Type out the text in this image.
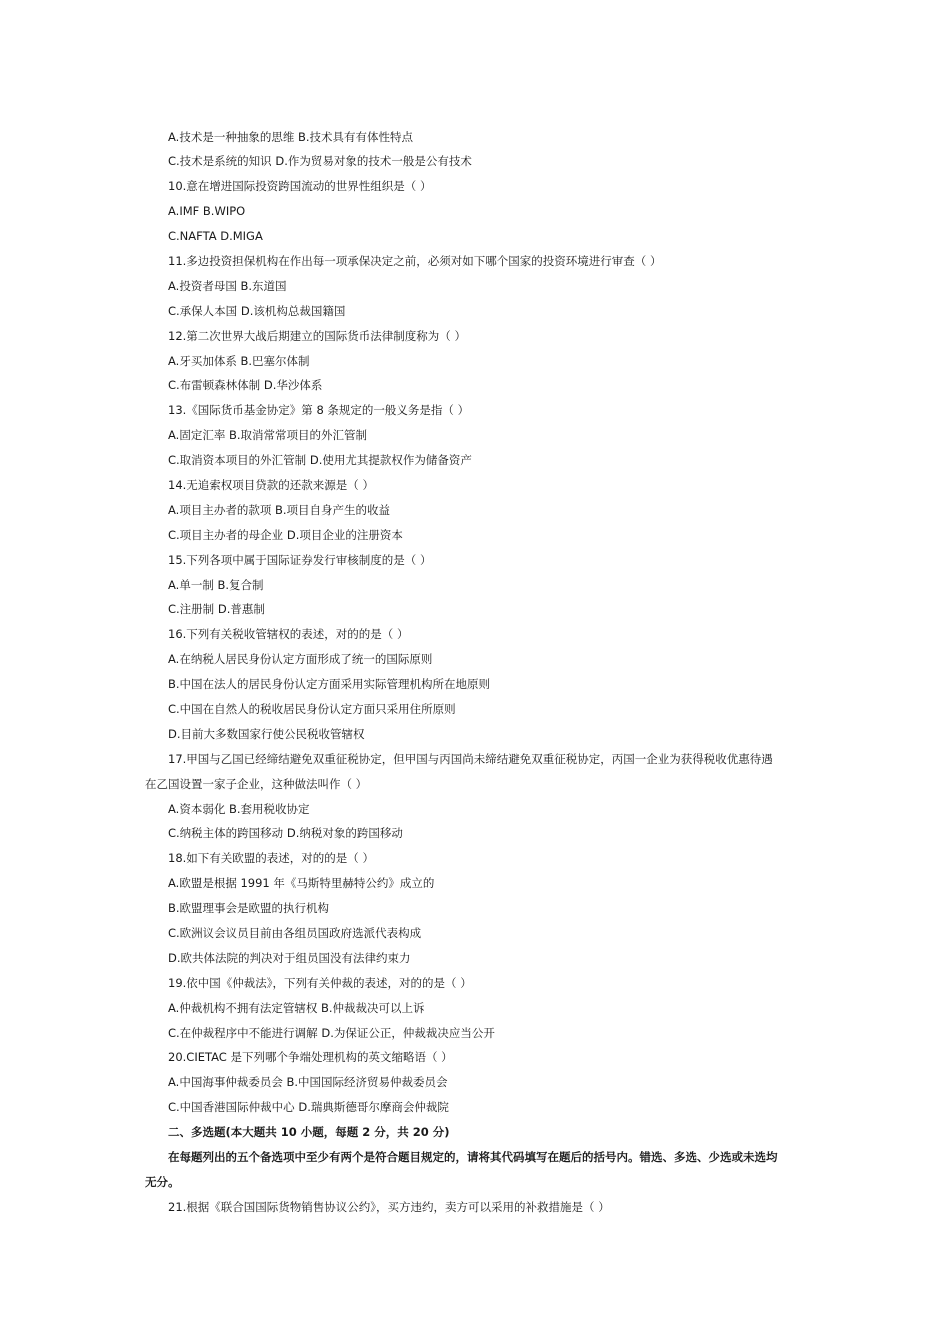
A.技术是一种抽象的思维 B.技术具有有体性特点
C.技术是系统的知识 D.作为贸易对象的技术一般是公有技术
10.意在增进国际投资跨国流动的世界性组织是（ ）
A.IMF B.WIPO
C.NAFTA D.MIGA
11.多边投资担保机构在作出每一项承保决定之前，必须对如下哪个国家的投资环境进行审查（ ）
A.投资者母国 B.东道国
C.承保人本国 D.该机构总裁国籍国
12.第二次世界大战后期建立的国际货币法律制度称为（ ）
A.牙买加体系 B.巴塞尔体制
C.布雷顿森林体制 D.华沙体系
13.《国际货币基金协定》第 8 条规定的一般义务是指（ ）
A.固定汇率 B.取消常常项目的外汇管制
C.取消资本项目的外汇管制 D.使用尤其提款权作为储备资产
14.无追索权项目贷款的还款来源是（ ）
A.项目主办者的款项 B.项目自身产生的收益
C.项目主办者的母企业 D.项目企业的注册资本
15.下列各项中属于国际证券发行审核制度的是（ ）
A.单一制 B.复合制
C.注册制 D.普惠制
16.下列有关税收管辖权的表述，对的的是（ ）
A.在纳税人居民身份认定方面形成了统一的国际原则
B.中国在法人的居民身份认定方面采用实际管理机构所在地原则
C.中国在自然人的税收居民身份认定方面只采用住所原则
D.目前大多数国家行使公民税收管辖权
17.甲国与乙国已经缔结避免双重征税协定，但甲国与丙国尚未缔结避免双重征税协定，丙国一企业为获得税收优惠待遇
在乙国设置一家子企业，这种做法叫作（ ）
A.资本弱化 B.套用税收协定
C.纳税主体的跨国移动 D.纳税对象的跨国移动
18.如下有关欧盟的表述，对的的是（ ）
A.欧盟是根据 1991 年《马斯特里赫特公约》成立的
B.欧盟理事会是欧盟的执行机构
C.欧洲议会议员目前由各组员国政府选派代表构成
D.欧共体法院的判决对于组员国没有法律约束力
19.依中国《仲裁法》，下列有关仲裁的表述，对的的是（ ）
A.仲裁机构不拥有法定管辖权 B.仲裁裁决可以上诉
C.在仲裁程序中不能进行调解 D.为保证公正，仲裁裁决应当公开
20.CIETAC 是下列哪个争端处理机构的英文缩略语（ ）
A.中国海事仲裁委员会 B.中国国际经济贸易仲裁委员会
C.中国香港国际仲裁中心 D.瑞典斯德哥尔摩商会仲裁院
二、多选题(本大题共 10 小题，每题 2 分，共 20 分)
在每题列出的五个备选项中至少有两个是符合题目规定的，请将其代码填写在题后的括号内。错选、多选、少选或未选均
无分。
21.根据《联合国国际货物销售协议公约》，买方违约，卖方可以采用的补救措施是（ ）
